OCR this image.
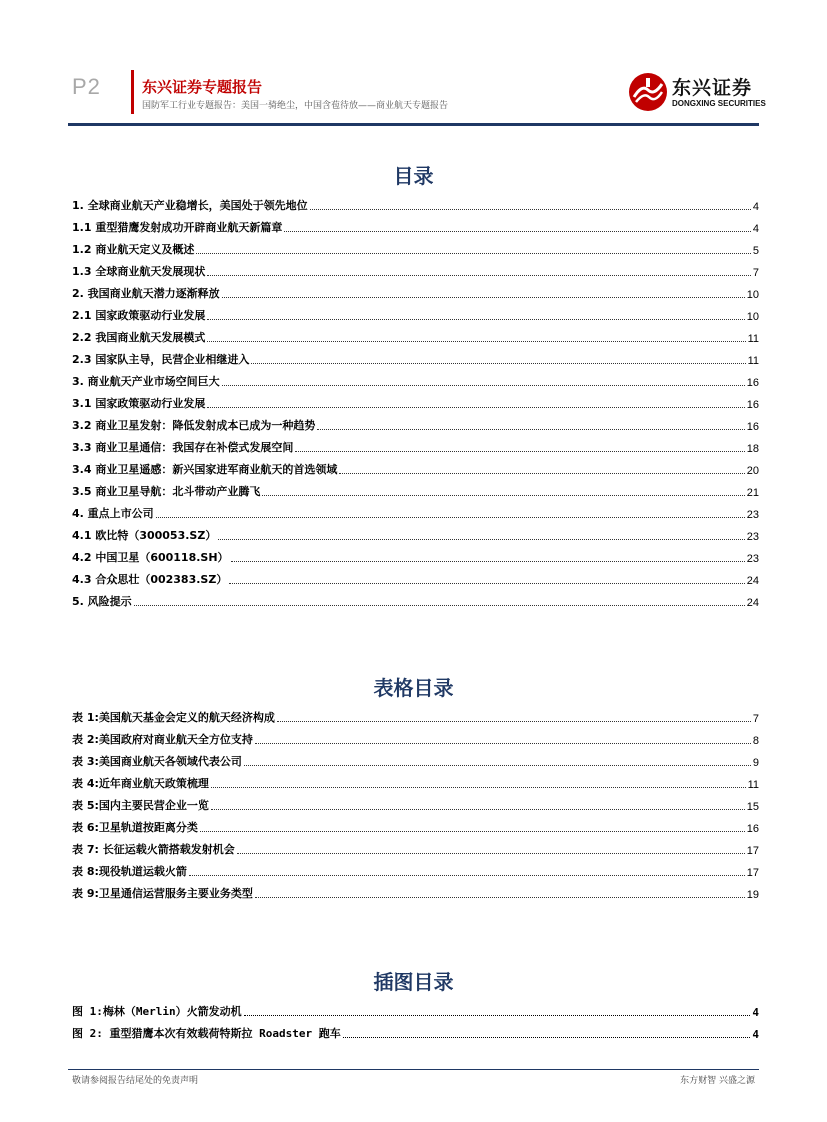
P2	东兴证券专题报告
国防军工行业专题报告：美国一骑绝尘，中国含苞待放——商业航天专题报告
东兴证券
DONGXING SECURITIES
目录
1. 全球商业航天产业稳增长，美国处于领先地位	4
1.1 重型猎鹰发射成功开辟商业航天新篇章	4
1.2 商业航天定义及概述	5
1.3 全球商业航天发展现状	7
2. 我国商业航天潜力逐渐释放	10
2.1 国家政策驱动行业发展	10
2.2 我国商业航天发展模式	11
2.3 国家队主导，民营企业相继进入	11
3. 商业航天产业市场空间巨大	16
3.1 国家政策驱动行业发展	16
3.2 商业卫星发射：降低发射成本已成为一种趋势	16
3.3 商业卫星通信：我国存在补偿式发展空间	18
3.4 商业卫星遥感：新兴国家进军商业航天的首选领域	20
3.5 商业卫星导航：北斗带动产业腾飞	21
4. 重点上市公司	23
4.1 欧比特（300053.SZ）	23
4.2 中国卫星（600118.SH）	23
4.3 合众思壮（002383.SZ）	24
5. 风险提示	24
表格目录
表 1:美国航天基金会定义的航天经济构成	7
表 2:美国政府对商业航天全方位支持	8
表 3:美国商业航天各领域代表公司	9
表 4:近年商业航天政策梳理	11
表 5:国内主要民营企业一览	15
表 6:卫星轨道按距离分类	16
表 7: 长征运载火箭搭载发射机会	17
表 8:现役轨道运载火箭	17
表 9:卫星通信运营服务主要业务类型	19
插图目录
图 1:梅林（Merlin）火箭发动机	4
图 2: 重型猎鹰本次有效载荷特斯拉 Roadster 跑车	4
敬请参阅报告结尾处的免责声明	东方财智 兴盛之源
